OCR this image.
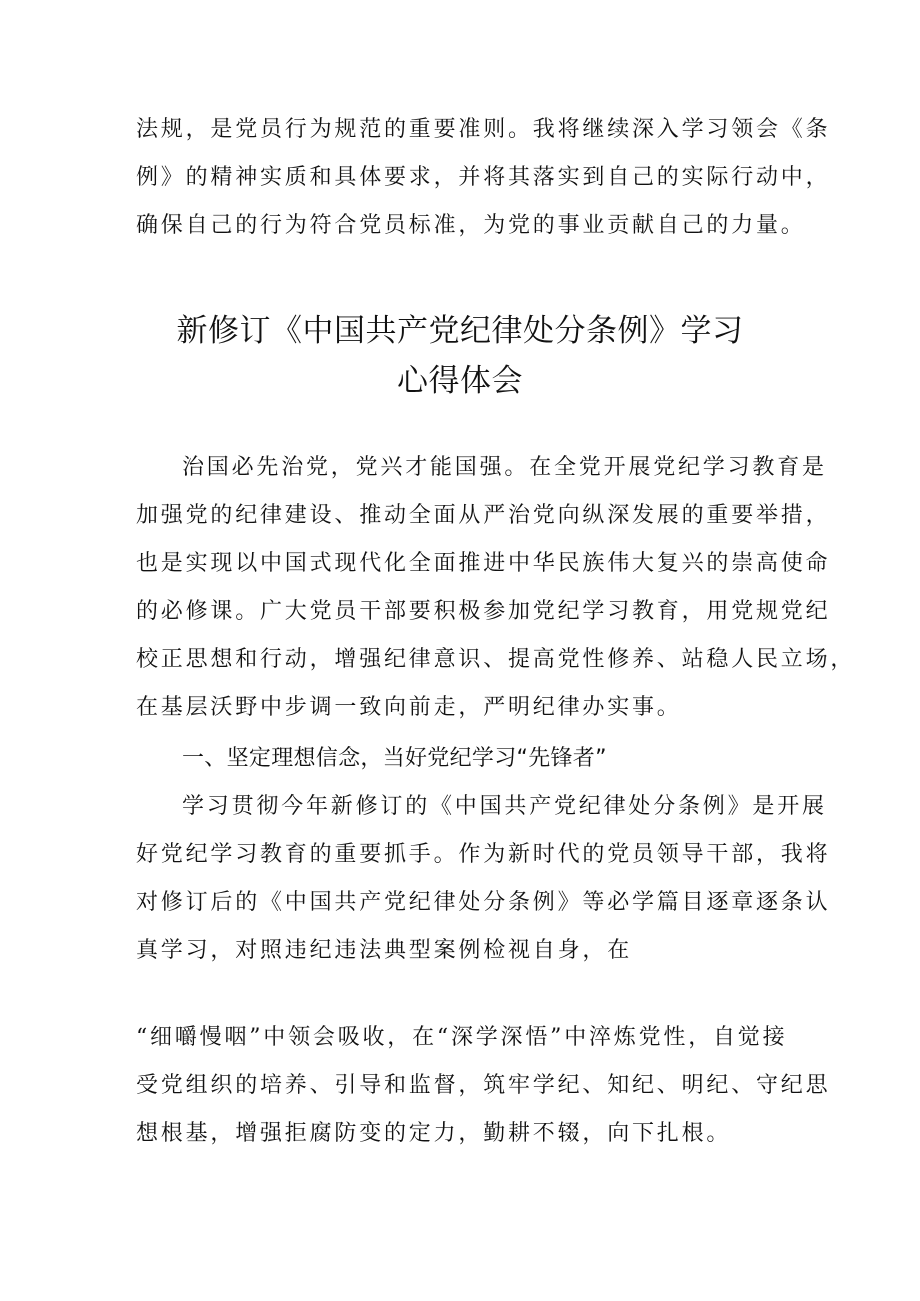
法规，是党员行为规范的重要准则。我将继续深入学习领会《条
例》的精神实质和具体要求，并将其落实到自己的实际行动中，
确保自己的行为符合党员标准，为党的事业贡献自己的力量。
新修订《中国共产党纪律处分条例》学习
心得体会
治国必先治党，党兴才能国强。在全党开展党纪学习教育是
加强党的纪律建设、推动全面从严治党向纵深发展的重要举措，
也是实现以中国式现代化全面推进中华民族伟大复兴的崇高使命
的必修课。广大党员干部要积极参加党纪学习教育，用党规党纪
校正思想和行动，增强纪律意识、提高党性修养、站稳人民立场，
在基层沃野中步调一致向前走，严明纪律办实事。
一、坚定理想信念，当好党纪学习“先锋者”
学习贯彻今年新修订的《中国共产党纪律处分条例》是开展
好党纪学习教育的重要抓手。作为新时代的党员领导干部，我将
对修订后的《中国共产党纪律处分条例》等必学篇目逐章逐条认
真学习，对照违纪违法典型案例检视自身，在
“细嚼慢咽”中领会吸收，在“深学深悟”中淬炼党性，自觉接
受党组织的培养、引导和监督，筑牢学纪、知纪、明纪、守纪思
想根基，增强拒腐防变的定力，勤耕不辍，向下扎根。
